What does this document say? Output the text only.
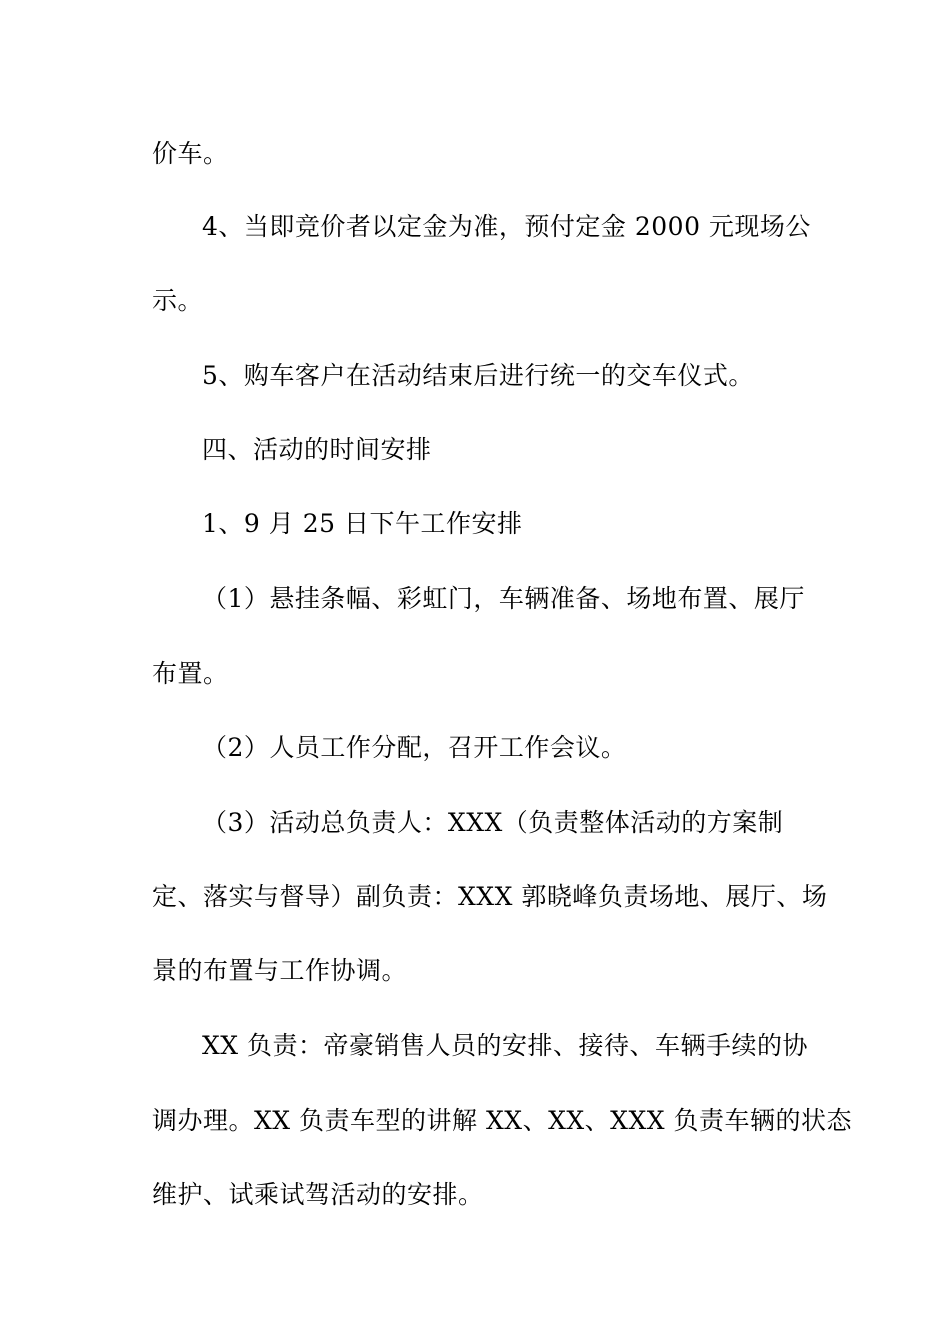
价车。
4、当即竞价者以定金为准，预付定金 2000 元现场公
示。
5、购车客户在活动结束后进行统一的交车仪式。
四、活动的时间安排
1、9 月 25 日下午工作安排
（1）悬挂条幅、彩虹门，车辆准备、场地布置、展厅
布置。
（2）人员工作分配，召开工作会议。
（3）活动总负责人：XXX（负责整体活动的方案制
定、落实与督导）副负责：XXX 郭晓峰负责场地、展厅、场
景的布置与工作协调。
XX 负责：帝豪销售人员的安排、接待、车辆手续的协
调办理。XX 负责车型的讲解 XX、XX、XXX 负责车辆的状态
维护、试乘试驾活动的安排。
